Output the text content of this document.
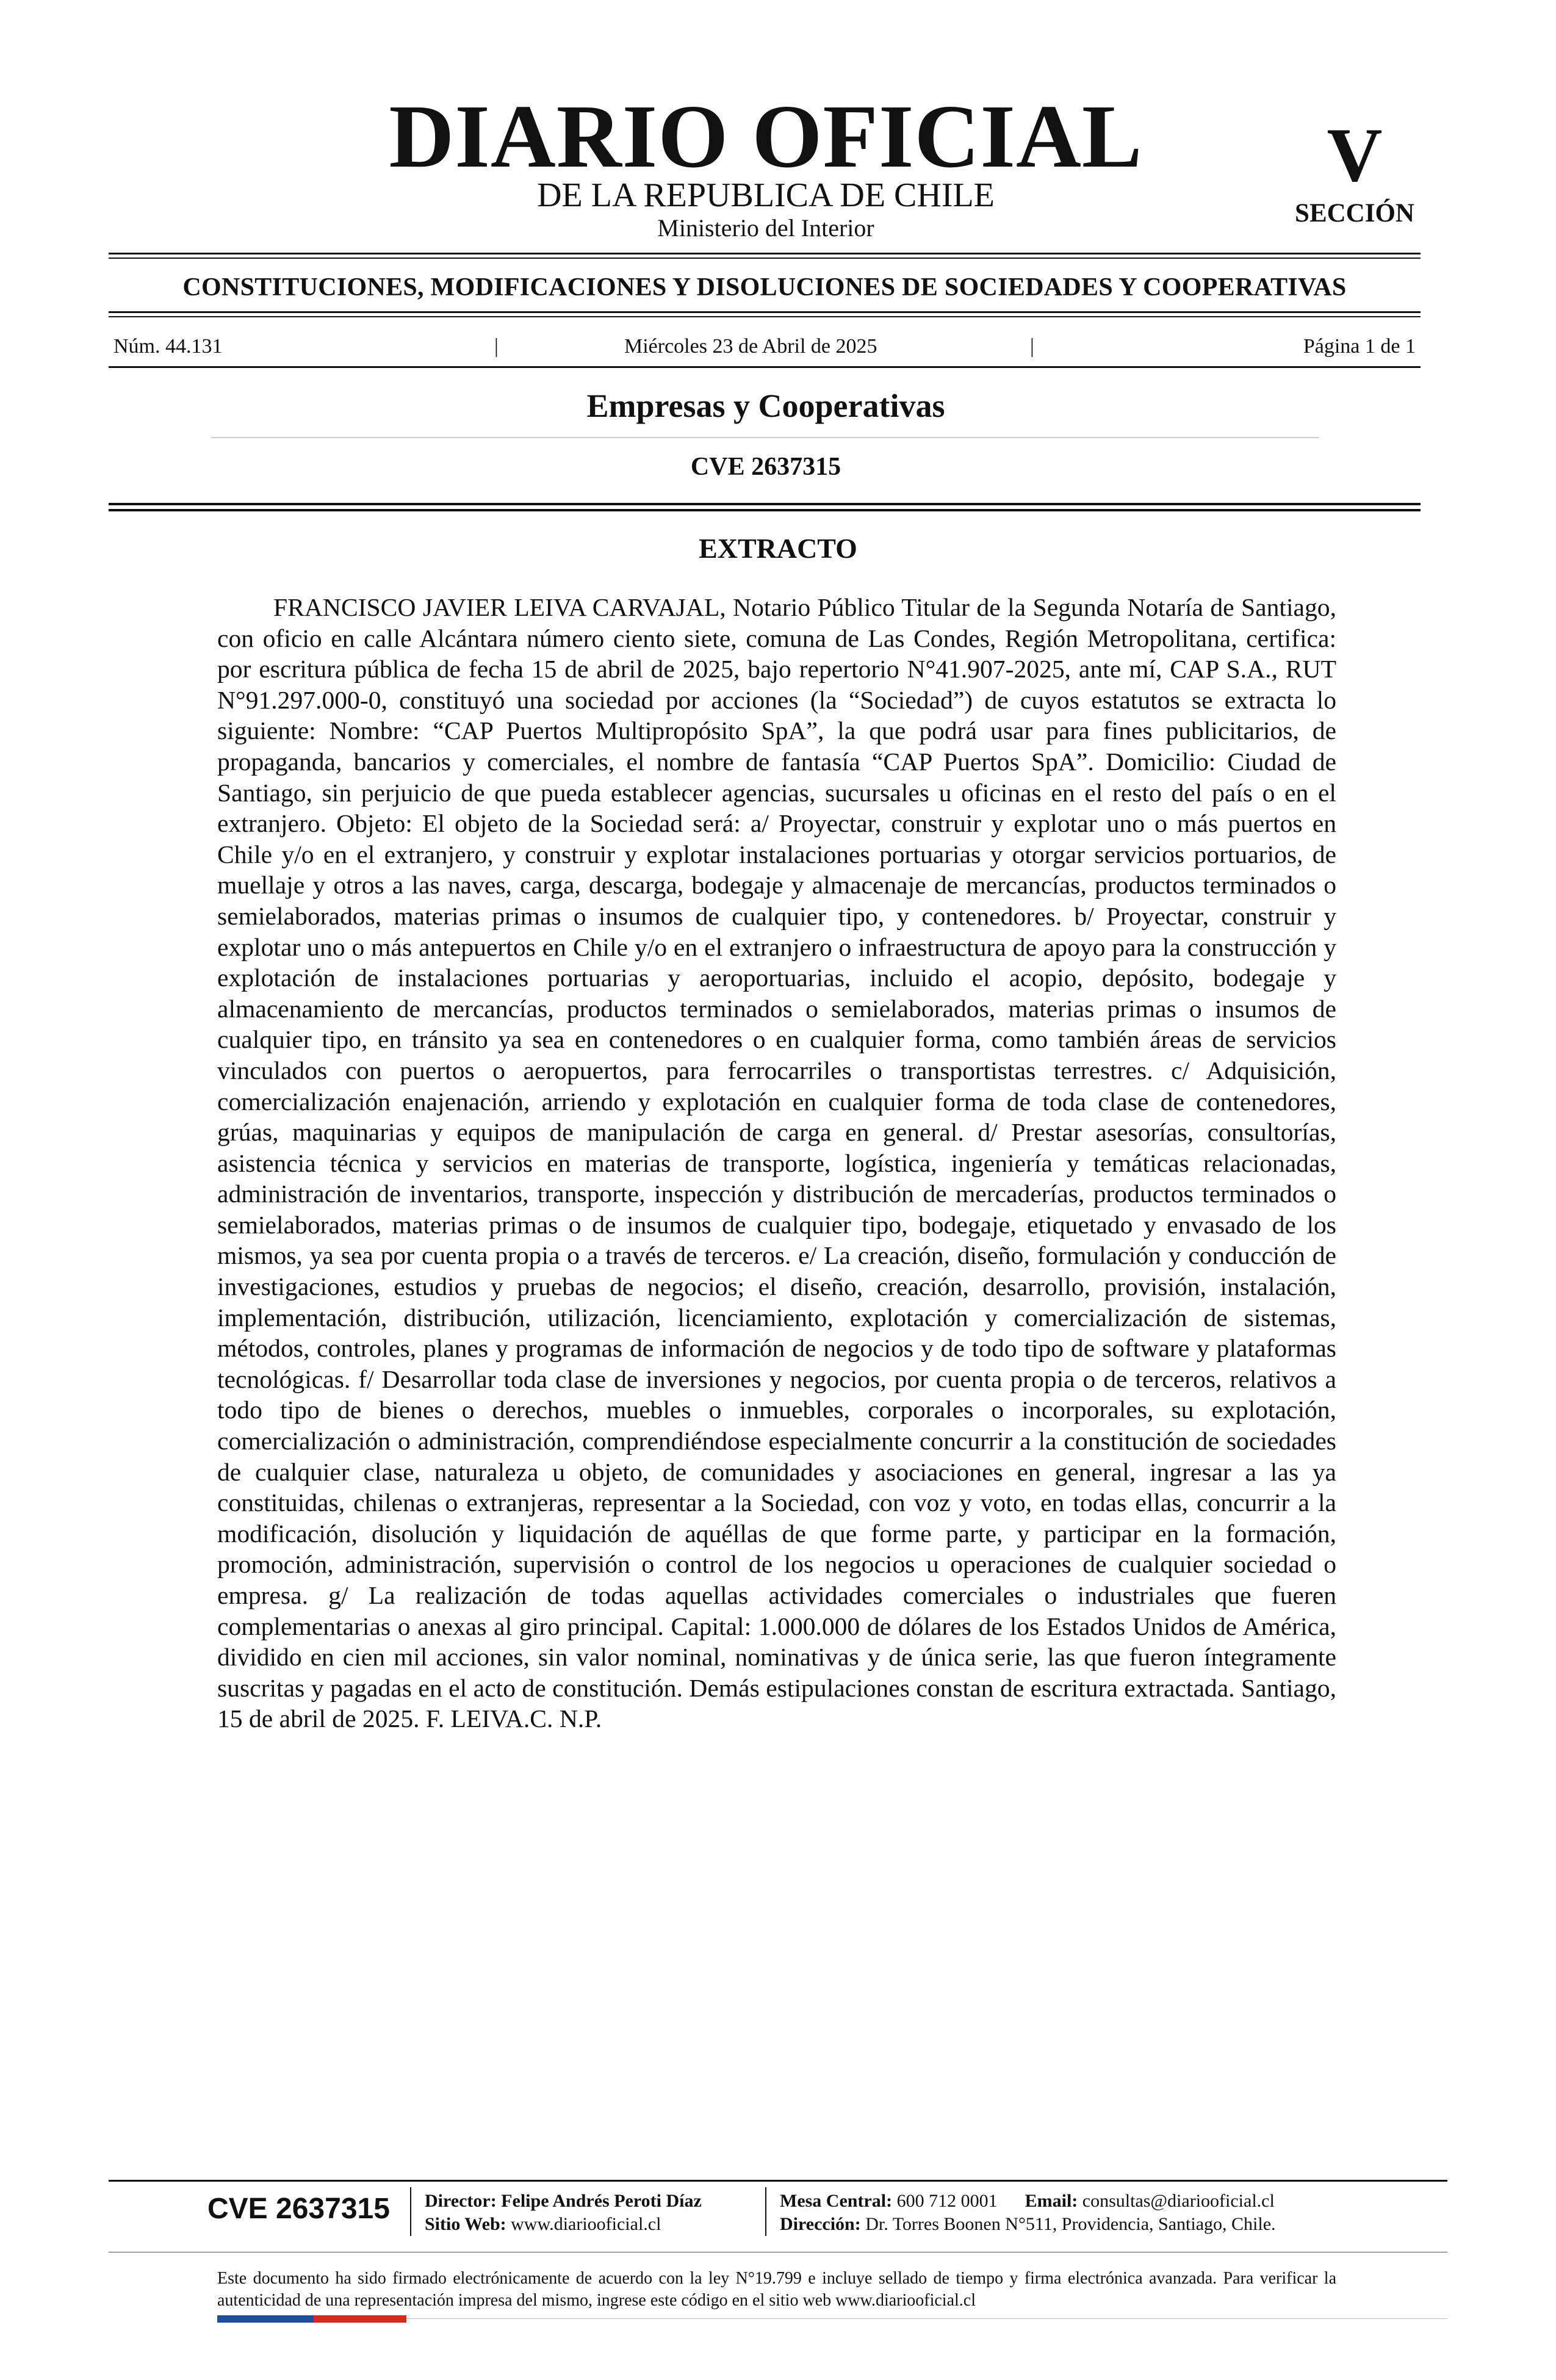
DIARIO OFICIAL
DE LA REPUBLICA DE CHILE
Ministerio del Interior
V
SECCIÓN
CONSTITUCIONES, MODIFICACIONES Y DISOLUCIONES DE SOCIEDADES Y COOPERATIVAS
Núm. 44.131	|	Miércoles 23 de Abril de 2025	|	Página 1 de 1
Empresas y Cooperativas
CVE 2637315
EXTRACTO

FRANCISCO JAVIER LEIVA CARVAJAL, Notario Público Titular de la Segunda Notaría de Santiago, con oficio en calle Alcántara número ciento siete, comuna de Las Condes, Región Metropolitana, certifica: por escritura pública de fecha 15 de abril de 2025, bajo repertorio N°41.907-2025, ante mí, CAP S.A., RUT N°91.297.000-0, constituyó una sociedad por acciones (la “Sociedad”) de cuyos estatutos se extracta lo siguiente: Nombre: “CAP Puertos Multipropósito SpA”, la que podrá usar para fines publicitarios, de propaganda, bancarios y comerciales, el nombre de fantasía “CAP Puertos SpA”. Domicilio: Ciudad de Santiago, sin perjuicio de que pueda establecer agencias, sucursales u oficinas en el resto del país o en el extranjero. Objeto: El objeto de la Sociedad será: a/ Proyectar, construir y explotar uno o más puertos en Chile y/o en el extranjero, y construir y explotar instalaciones portuarias y otorgar servicios portuarios, de muellaje y otros a las naves, carga, descarga, bodegaje y almacenaje de mercancías, productos terminados o semielaborados, materias primas o insumos de cualquier tipo, y contenedores. b/ Proyectar, construir y explotar uno o más antepuertos en Chile y/o en el extranjero o infraestructura de apoyo para la construcción y explotación de instalaciones portuarias y aeroportuarias, incluido el acopio, depósito, bodegaje y almacenamiento de mercancías, productos terminados o semielaborados, materias primas o insumos de cualquier tipo, en tránsito ya sea en contenedores o en cualquier forma, como también áreas de servicios vinculados con puertos o aeropuertos, para ferrocarriles o transportistas terrestres. c/ Adquisición, comercialización enajenación, arriendo y explotación en cualquier forma de toda clase de contenedores, grúas, maquinarias y equipos de manipulación de carga en general. d/ Prestar asesorías, consultorías, asistencia técnica y servicios en materias de transporte, logística, ingeniería y temáticas relacionadas, administración de inventarios, transporte, inspección y distribución de mercaderías, productos terminados o semielaborados, materias primas o de insumos de cualquier tipo, bodegaje, etiquetado y envasado de los mismos, ya sea por cuenta propia o a través de terceros. e/ La creación, diseño, formulación y conducción de investigaciones, estudios y pruebas de negocios; el diseño, creación, desarrollo, provisión, instalación, implementación, distribución, utilización, licenciamiento, explotación y comercialización de sistemas, métodos, controles, planes y programas de información de negocios y de todo tipo de software y plataformas tecnológicas. f/ Desarrollar toda clase de inversiones y negocios, por cuenta propia o de terceros, relativos a todo tipo de bienes o derechos, muebles o inmuebles, corporales o incorporales, su explotación, comercialización o administración, comprendiéndose especialmente concurrir a la constitución de sociedades de cualquier clase, naturaleza u objeto, de comunidades y asociaciones en general, ingresar a las ya constituidas, chilenas o extranjeras, representar a la Sociedad, con voz y voto, en todas ellas, concurrir a la modificación, disolución y liquidación de aquéllas de que forme parte, y participar en la formación, promoción, administración, supervisión o control de los negocios u operaciones de cualquier sociedad o empresa. g/ La realización de todas aquellas actividades comerciales o industriales que fueren complementarias o anexas al giro principal. Capital: 1.000.000 de dólares de los Estados Unidos de América, dividido en cien mil acciones, sin valor nominal, nominativas y de única serie, las que fueron íntegramente suscritas y pagadas en el acto de constitución. Demás estipulaciones constan de escritura extractada. Santiago, 15 de abril de 2025. F. LEIVA.C. N.P.

CVE 2637315	Director: Felipe Andrés Peroti Díaz
Sitio Web: www.diariooficial.cl
Mesa Central: 600 712 0001 Email: consultas@diariooficial.cl
Dirección: Dr. Torres Boonen N°511, Providencia, Santiago, Chile.
Este documento ha sido firmado electrónicamente de acuerdo con la ley N°19.799 e incluye sellado de tiempo y firma electrónica avanzada. Para verificar la autenticidad de una representación impresa del mismo, ingrese este código en el sitio web www.diariooficial.cl
